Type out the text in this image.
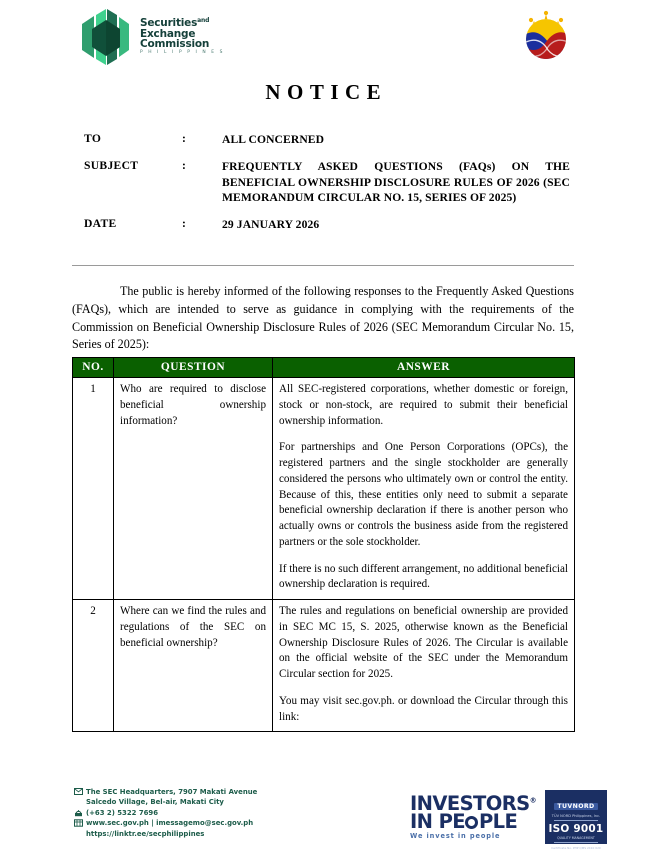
Securities$^{and}$
Exchange
Commission
P H I L I P P I N E S
NOTICE
TO	:	ALL CONCERNED
SUBJECT	:	FREQUENTLY ASKED QUESTIONS (FAQs) ON THE BENEFICIAL OWNERSHIP DISCLOSURE RULES OF 2026 (SEC MEMORANDUM CIRCULAR NO. 15, SERIES OF 2025)
DATE	:	29 JANUARY 2026
The public is hereby informed of the following responses to the Frequently Asked Questions (FAQs), which are intended to serve as guidance in complying with the requirements of the Commission on Beneficial Ownership Disclosure Rules of 2026 (SEC Memorandum Circular No. 15, Series of 2025):
NO.	QUESTION	ANSWER
1	Who are required to disclose beneficial ownership information?	All SEC-registered corporations, whether domestic or foreign, stock or non-stock, are required to submit their beneficial ownership information.

For partnerships and One Person Corporations (OPCs), the registered partners and the single stockholder are generally considered the persons who ultimately own or control the entity. Because of this, these entities only need to submit a separate beneficial ownership declaration if there is another person who actually owns or controls the business aside from the registered partners or the sole stockholder.

If there is no such different arrangement, no additional beneficial ownership declaration is required.

2	Where can we find the rules and regulations of the SEC on beneficial ownership?	The rules and regulations on beneficial ownership are provided in SEC MC 15, S. 2025, otherwise known as the Beneficial Ownership Disclosure Rules of 2026. The Circular is available on the official website of the SEC under the Memorandum Circular section for 2025.

You may visit sec.gov.ph. or download the Circular through this link:

The SEC Headquarters, 7907 Makati Avenue
Salcedo Village, Bel-air, Makati City
(+63 2) 5322 7696
www.sec.gov.ph | imessagemo@sec.gov.ph
https://linktr.ee/secphilippines
INVESTORS®
IN PE PLE
We invest in people
TUVNORD
TÜV NORD Philippines, Inc.
ISO 9001
QUALITY MANAGEMENT
Certificate No. PHP QMS 2410 020
